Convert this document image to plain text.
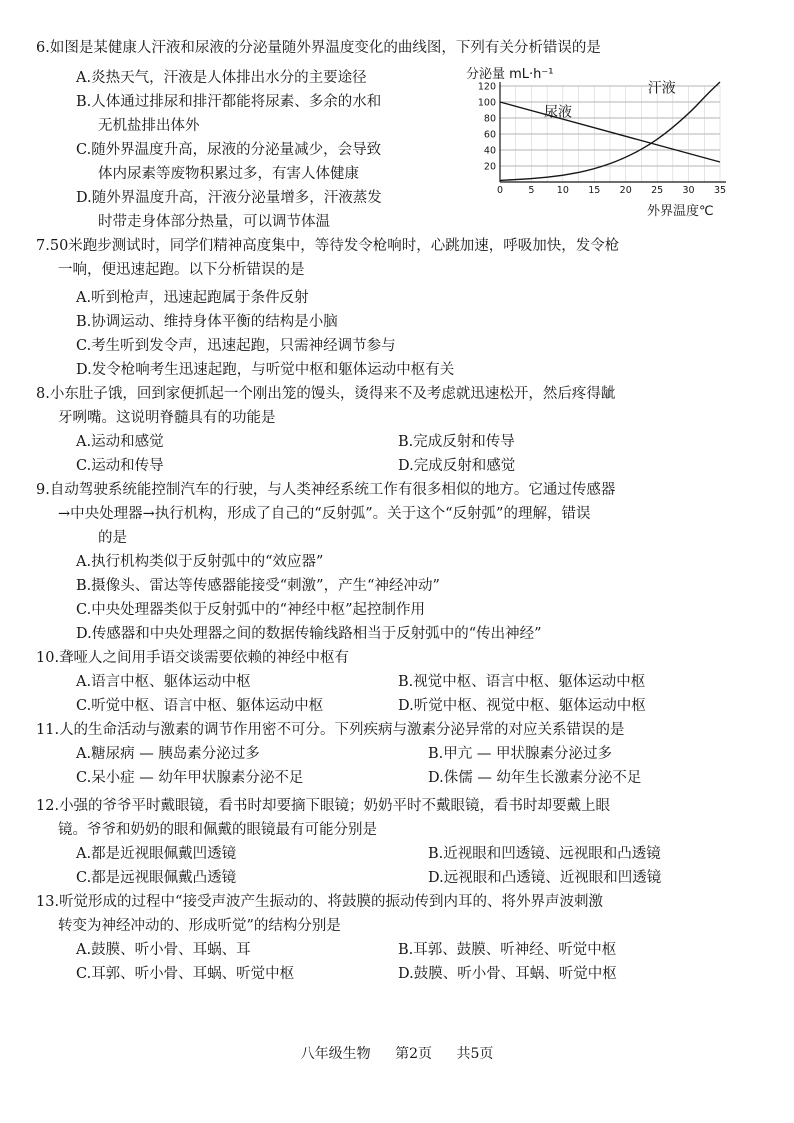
6.如图是某健康人汗液和尿液的分泌量随外界温度变化的曲线图，下列有关分析错误的是
A.炎热天气，汗液是人体排出水分的主要途径
B.人体通过排尿和排汗都能将尿素、多余的水和
无机盐排出体外
C.随外界温度升高，尿液的分泌量减少，会导致
体内尿素等废物积累过多，有害人体健康
D.随外界温度升高，汗液分泌量增多，汗液蒸发
时带走身体部分热量，可以调节体温
分泌量 mL·h⁻¹
外界温度℃
20
40
60
80
100
120
0	5 10 15 20 25 30 35
尿液
汗液
7.50米跑步测试时，同学们精神高度集中，等待发令枪响时，心跳加速，呼吸加快，发令枪
一响，便迅速起跑。以下分析错误的是
A.听到枪声，迅速起跑属于条件反射
B.协调运动、维持身体平衡的结构是小脑
C.考生听到发令声，迅速起跑，只需神经调节参与
D.发令枪响考生迅速起跑，与听觉中枢和躯体运动中枢有关
8.小东肚子饿，回到家便抓起一个刚出笼的馒头，烫得来不及考虑就迅速松开，然后疼得龇
牙咧嘴。这说明脊髓具有的功能是
A.运动和感觉	B.完成反射和传导
C.运动和传导	D.完成反射和感觉
9.自动驾驶系统能控制汽车的行驶，与人类神经系统工作有很多相似的地方。它通过传感器
→中央处理器→执行机构，形成了自己的“反射弧”。关于这个“反射弧”的理解，错误
的是
A.执行机构类似于反射弧中的“效应器”
B.摄像头、雷达等传感器能接受“刺激”，产生“神经冲动”
C.中央处理器类似于反射弧中的“神经中枢”起控制作用
D.传感器和中央处理器之间的数据传输线路相当于反射弧中的“传出神经”
10.聋哑人之间用手语交谈需要依赖的神经中枢有
A.语言中枢、躯体运动中枢	B.视觉中枢、语言中枢、躯体运动中枢
C.听觉中枢、语言中枢、躯体运动中枢	D.听觉中枢、视觉中枢、躯体运动中枢
11.人的生命活动与激素的调节作用密不可分。下列疾病与激素分泌异常的对应关系错误的是
A.糖尿病 — 胰岛素分泌过多	B.甲亢 — 甲状腺素分泌过多
C.呆小症 — 幼年甲状腺素分泌不足	D.侏儒 — 幼年生长激素分泌不足
12.小强的爷爷平时戴眼镜，看书时却要摘下眼镜；奶奶平时不戴眼镜，看书时却要戴上眼
镜。爷爷和奶奶的眼和佩戴的眼镜最有可能分别是
A.都是近视眼佩戴凹透镜	B.近视眼和凹透镜、远视眼和凸透镜
C.都是远视眼佩戴凸透镜	D.远视眼和凸透镜、近视眼和凹透镜
13.听觉形成的过程中“接受声波产生振动的、将鼓膜的振动传到内耳的、将外界声波刺激
转变为神经冲动的、形成听觉”的结构分别是
A.鼓膜、听小骨、耳蜗、耳	B.耳郭、鼓膜、听神经、听觉中枢
C.耳郭、听小骨、耳蜗、听觉中枢	D.鼓膜、听小骨、耳蜗、听觉中枢
八年级生物 第2页 共5页
